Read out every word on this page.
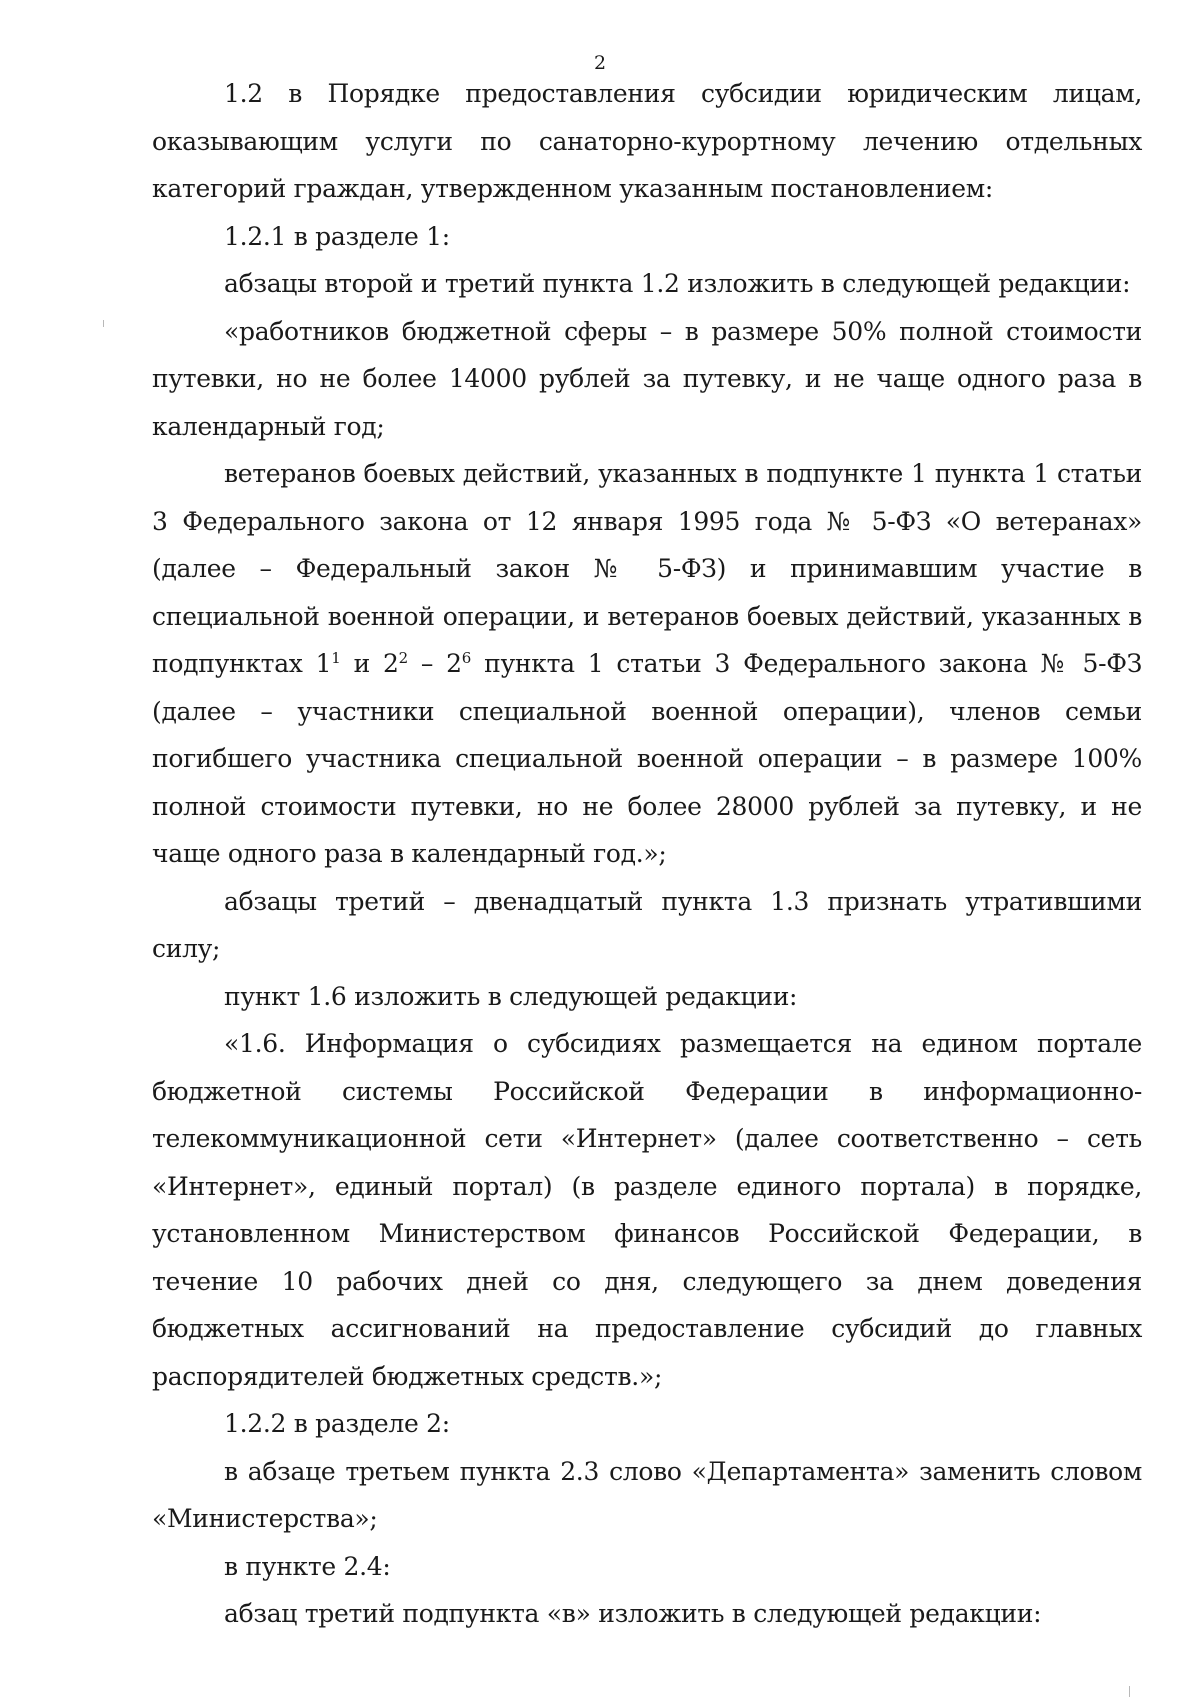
2

1.2 в Порядке предоставления субсидии юридическим лицам, оказывающим услуги по санаторно-курортному лечению отдельных категорий граждан, утвержденном указанным постановлением:

1.2.1 в разделе 1:

абзацы второй и третий пункта 1.2 изложить в следующей редакции:

«работников бюджетной сферы – в размере 50% полной стоимости путевки, но не более 14000 рублей за путевку, и не чаще одного раза в календарный год;

ветеранов боевых действий, указанных в подпункте 1 пункта 1 статьи 3 Федерального закона от 12 января 1995 года № 5-ФЗ «О ветеранах» (далее – Федеральный закон № 5-ФЗ) и принимавшим участие в специальной военной операции, и ветеранов боевых действий, указанных в подпунктах $1^1$ и $2^2 - 2^6$ пункта 1 статьи 3 Федерального закона № 5-ФЗ (далее – участники специальной военной операции), членов семьи погибшего участника специальной военной операции – в размере 100% полной стоимости путевки, но не более 28000 рублей за путевку, и не чаще одного раза в календарный год.»;

абзацы третий – двенадцатый пункта 1.3 признать утратившими силу;

пункт 1.6 изложить в следующей редакции:

«1.6. Информация о субсидиях размещается на едином портале бюджетной системы Российской Федерации в информационно-телекоммуникационной сети «Интернет» (далее соответственно – сеть «Интернет», единый портал) (в разделе единого портала) в порядке, установленном Министерством финансов Российской Федерации, в течение 10 рабочих дней со дня, следующего за днем доведения бюджетных ассигнований на предоставление субсидий до главных распорядителей бюджетных средств.»;

1.2.2 в разделе 2:

в абзаце третьем пункта 2.3 слово «Департамента» заменить словом «Министерства»;

в пункте 2.4:

абзац третий подпункта «в» изложить в следующей редакции:
